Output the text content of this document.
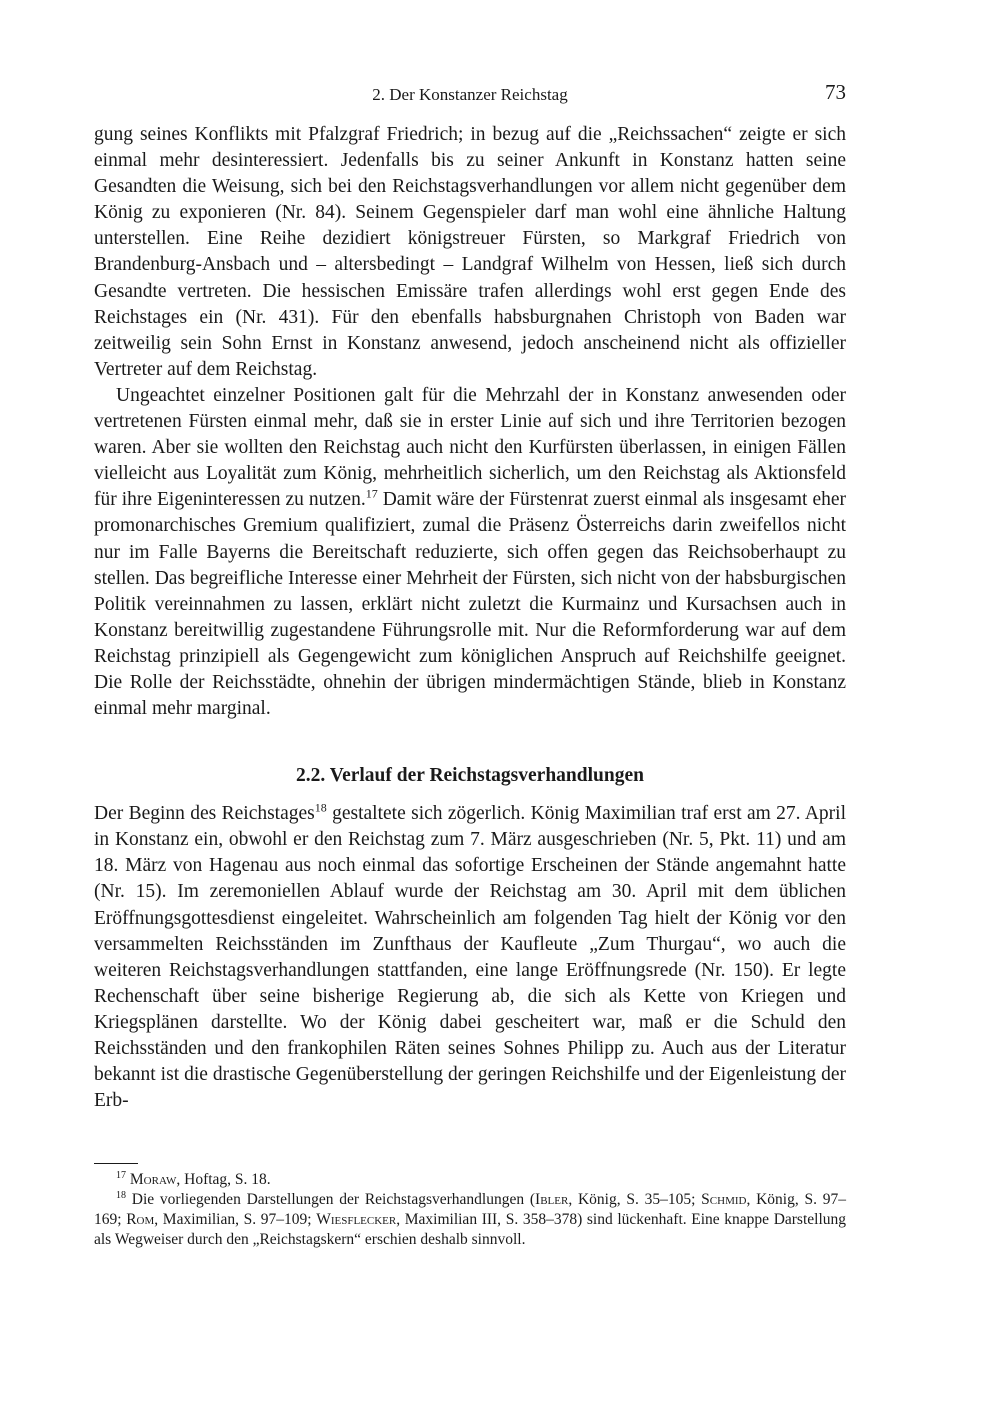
2. Der Konstanzer Reichstag	73

gung seines Konflikts mit Pfalzgraf Friedrich; in bezug auf die „Reichssachen“ zeigte er sich einmal mehr desinteressiert. Jedenfalls bis zu seiner Ankunft in Konstanz hatten seine Gesandten die Weisung, sich bei den Reichstagsverhandlungen vor allem nicht gegenüber dem König zu exponieren (Nr. 84). Seinem Gegenspieler darf man wohl eine ähnliche Haltung unterstellen. Eine Reihe dezidiert königstreuer Fürsten, so Markgraf Friedrich von Brandenburg-Ansbach und – altersbedingt – Landgraf Wilhelm von Hessen, ließ sich durch Gesandte vertreten. Die hessischen Emissäre trafen allerdings wohl erst gegen Ende des Reichstages ein (Nr. 431). Für den ebenfalls habsburgnahen Christoph von Baden war zeitweilig sein Sohn Ernst in Konstanz anwesend, jedoch anscheinend nicht als offizieller Vertreter auf dem Reichstag.

Ungeachtet einzelner Positionen galt für die Mehrzahl der in Konstanz anwesenden oder vertretenen Fürsten einmal mehr, daß sie in erster Linie auf sich und ihre Territorien bezogen waren. Aber sie wollten den Reichstag auch nicht den Kurfürsten überlassen, in einigen Fällen vielleicht aus Loyalität zum König, mehrheitlich sicherlich, um den Reichstag als Aktionsfeld für ihre Eigeninteressen zu nutzen.$^{17}$ Damit wäre der Fürstenrat zuerst einmal als insgesamt eher promonarchisches Gremium qualifiziert, zumal die Präsenz Österreichs darin zweifellos nicht nur im Falle Bayerns die Bereitschaft reduzierte, sich offen gegen das Reichsoberhaupt zu stellen. Das begreifliche Interesse einer Mehrheit der Fürsten, sich nicht von der habsburgischen Politik vereinnahmen zu lassen, erklärt nicht zuletzt die Kurmainz und Kursachsen auch in Konstanz bereitwillig zugestandene Führungsrolle mit. Nur die Reformforderung war auf dem Reichstag prinzipiell als Gegengewicht zum königlichen Anspruch auf Reichshilfe geeignet. Die Rolle der Reichsstädte, ohnehin der übrigen mindermächtigen Stände, blieb in Konstanz einmal mehr marginal.

2.2. Verlauf der Reichstagsverhandlungen

Der Beginn des Reichstages$^{18}$ gestaltete sich zögerlich. König Maximilian traf erst am 27. April in Konstanz ein, obwohl er den Reichstag zum 7. März ausgeschrieben (Nr. 5, Pkt. 11) und am 18. März von Hagenau aus noch einmal das sofortige Erscheinen der Stände angemahnt hatte (Nr. 15). Im zeremoniellen Ablauf wurde der Reichstag am 30. April mit dem üblichen Eröffnungsgottesdienst eingeleitet. Wahrscheinlich am folgenden Tag hielt der König vor den versammelten Reichsständen im Zunfthaus der Kaufleute „Zum Thurgau“, wo auch die weiteren Reichstagsverhandlungen stattfanden, eine lange Eröffnungsrede (Nr. 150). Er legte Rechenschaft über seine bisherige Regierung ab, die sich als Kette von Kriegen und Kriegsplänen darstellte. Wo der König dabei gescheitert war, maß er die Schuld den Reichsständen und den frankophilen Räten seines Sohnes Philipp zu. Auch aus der Literatur bekannt ist die drastische Gegenüberstellung der geringen Reichshilfe und der Eigenleistung der Erb-

$^{17}$ Moraw, Hoftag, S. 18.

$^{18}$ Die vorliegenden Darstellungen der Reichstagsverhandlungen (Ibler, König, S. 35–105; Schmid, König, S. 97–169; Rom, Maximilian, S. 97–109; Wiesflecker, Maximilian III, S. 358–378) sind lückenhaft. Eine knappe Darstellung als Wegweiser durch den „Reichstagskern“ erschien deshalb sinnvoll.
